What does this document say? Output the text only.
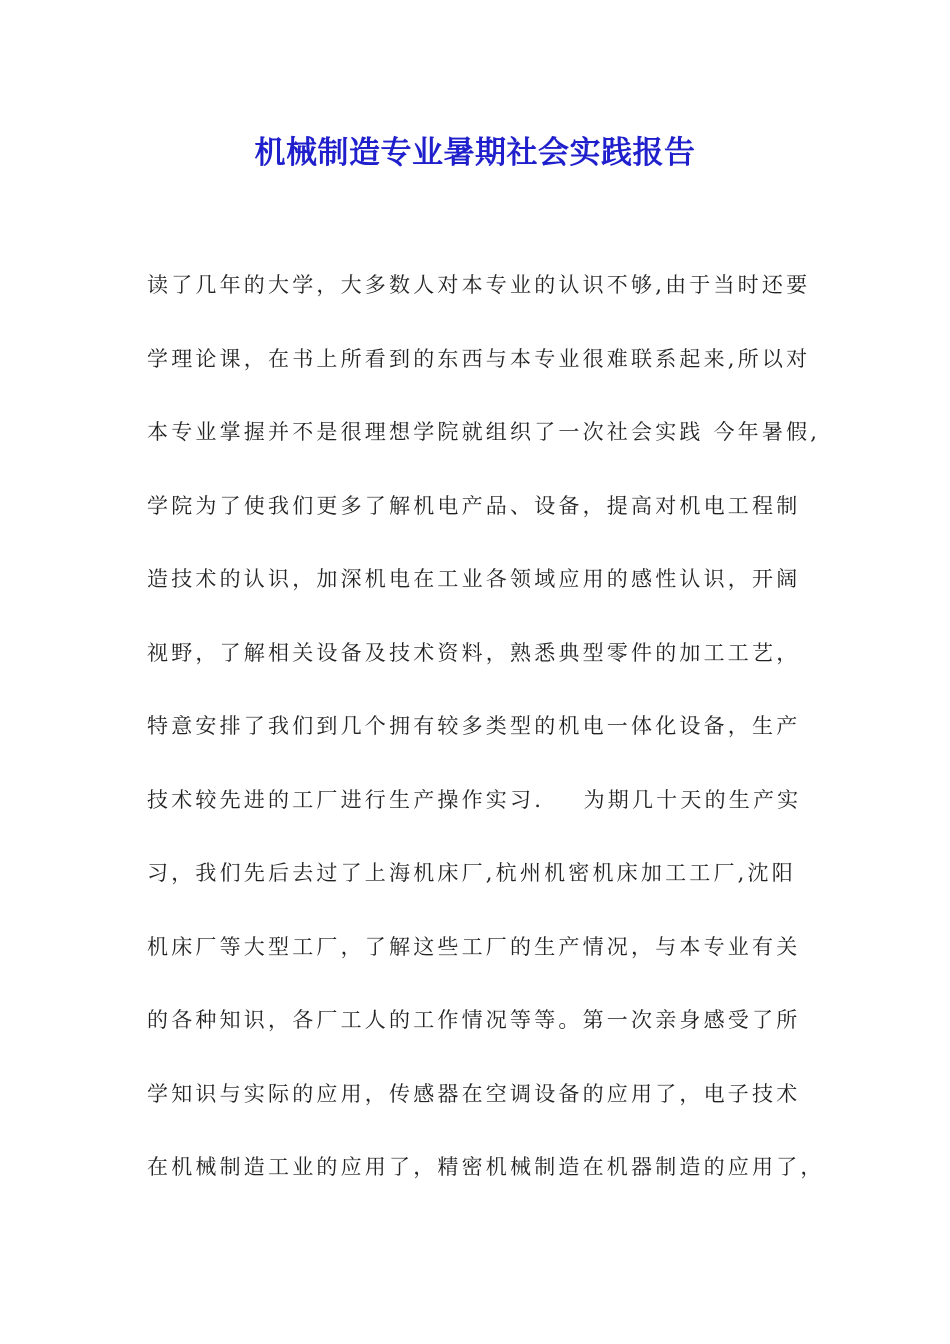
机械制造专业暑期社会实践报告
读了几年的大学，大多数人对本专业的认识不够,由于当时还要
学理论课，在书上所看到的东西与本专业很难联系起来,所以对
本专业掌握并不是很理想学院就组织了一次社会实践 今年暑假,
学院为了使我们更多了解机电产品、设备，提高对机电工程制
造技术的认识，加深机电在工业各领域应用的感性认识，开阔
视野，了解相关设备及技术资料，熟悉典型零件的加工工艺，
特意安排了我们到几个拥有较多类型的机电一体化设备，生产
技术较先进的工厂进行生产操作实习.    为期几十天的生产实
习，我们先后去过了上海机床厂,杭州机密机床加工工厂,沈阳
机床厂等大型工厂，了解这些工厂的生产情况，与本专业有关
的各种知识，各厂工人的工作情况等等。第一次亲身感受了所
学知识与实际的应用，传感器在空调设备的应用了，电子技术
在机械制造工业的应用了，精密机械制造在机器制造的应用了，
